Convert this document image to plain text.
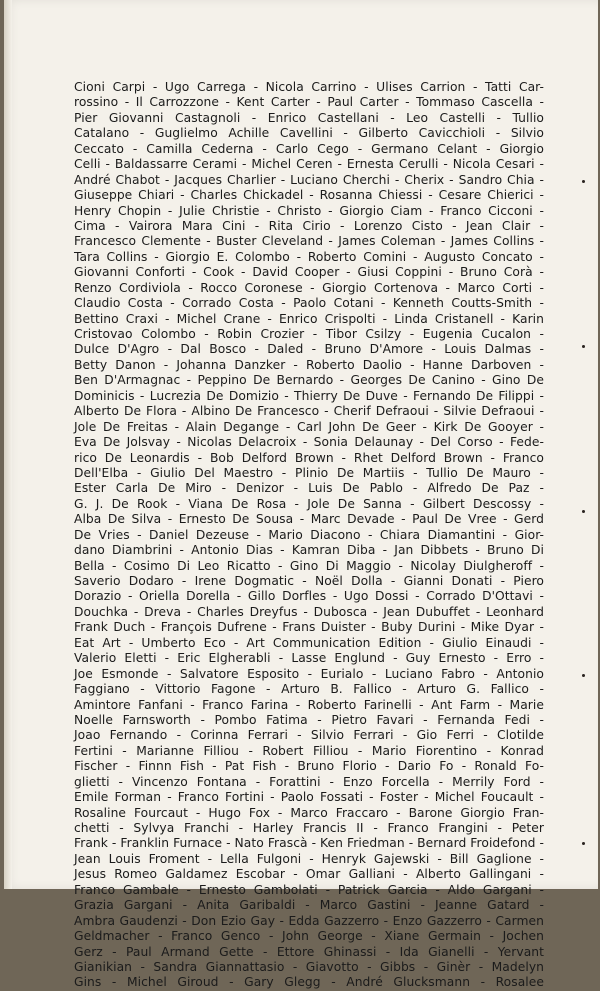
Cioni Carpi - Ugo Carrega - Nicola Carrino - Ulises Carrion - Tatti Car-
rossino - Il Carrozzone - Kent Carter - Paul Carter - Tommaso Cascella -
Pier Giovanni Castagnoli - Enrico Castellani - Leo Castelli - Tullio
Catalano - Guglielmo Achille Cavellini - Gilberto Cavicchioli - Silvio
Ceccato - Camilla Cederna - Carlo Cego - Germano Celant - Giorgio
Celli - Baldassarre Cerami - Michel Ceren - Ernesta Cerulli - Nicola Cesari -
André Chabot - Jacques Charlier - Luciano Cherchi - Cherix - Sandro Chia -
Giuseppe Chiari - Charles Chickadel - Rosanna Chiessi - Cesare Chierici -
Henry Chopin - Julie Christie - Christo - Giorgio Ciam - Franco Cicconi -
Cima - Vairora Mara Cini - Rita Cirio - Lorenzo Cisto - Jean Clair -
Francesco Clemente - Buster Cleveland - James Coleman - James Collins -
Tara Collins - Giorgio E. Colombo - Roberto Comini - Augusto Concato -
Giovanni Conforti - Cook - David Cooper - Giusi Coppini - Bruno Corà -
Renzo Cordiviola - Rocco Coronese - Giorgio Cortenova - Marco Corti -
Claudio Costa - Corrado Costa - Paolo Cotani - Kenneth Coutts-Smith -
Bettino Craxi - Michel Crane - Enrico Crispolti - Linda Cristanell - Karin
Cristovao Colombo - Robin Crozier - Tibor Csilzy - Eugenia Cucalon -
Dulce D'Agro - Dal Bosco - Daled - Bruno D'Amore - Louis Dalmas -
Betty Danon - Johanna Danzker - Roberto Daolio - Hanne Darboven -
Ben D'Armagnac - Peppino De Bernardo - Georges De Canino - Gino De
Dominicis - Lucrezia De Domizio - Thierry De Duve - Fernando De Filippi -
Alberto De Flora - Albino De Francesco - Cherif Defraoui - Silvie Defraoui -
Jole De Freitas - Alain Degange - Carl John De Geer - Kirk De Gooyer -
Eva De Jolsvay - Nicolas Delacroix - Sonia Delaunay - Del Corso - Fede-
rico De Leonardis - Bob Delford Brown - Rhet Delford Brown - Franco
Dell'Elba - Giulio Del Maestro - Plinio De Martiis - Tullio De Mauro -
Ester Carla De Miro - Denizor - Luis De Pablo - Alfredo De Paz -
G. J. De Rook - Viana De Rosa - Jole De Sanna - Gilbert Descossy -
Alba De Silva - Ernesto De Sousa - Marc Devade - Paul De Vree - Gerd
De Vries - Daniel Dezeuse - Mario Diacono - Chiara Diamantini - Gior-
dano Diambrini - Antonio Dias - Kamran Diba - Jan Dibbets - Bruno Di
Bella - Cosimo Di Leo Ricatto - Gino Di Maggio - Nicolay Diulgheroff -
Saverio Dodaro - Irene Dogmatic - Noël Dolla - Gianni Donati - Piero
Dorazio - Oriella Dorella - Gillo Dorfles - Ugo Dossi - Corrado D'Ottavi -
Douchka - Dreva - Charles Dreyfus - Dubosca - Jean Dubuffet - Leonhard
Frank Duch - François Dufrene - Frans Duister - Buby Durini - Mike Dyar -
Eat Art - Umberto Eco - Art Communication Edition - Giulio Einaudi -
Valerio Eletti - Eric Elgherabli - Lasse Englund - Guy Ernesto - Erro -
Joe Esmonde - Salvatore Esposito - Eurialo - Luciano Fabro - Antonio
Faggiano - Vittorio Fagone - Arturo B. Fallico - Arturo G. Fallico -
Amintore Fanfani - Franco Farina - Roberto Farinelli - Ant Farm - Marie
Noelle Farnsworth - Pombo Fatima - Pietro Favari - Fernanda Fedi -
Joao Fernando - Corinna Ferrari - Silvio Ferrari - Gio Ferri - Clotilde
Fertini - Marianne Filliou - Robert Filliou - Mario Fiorentino - Konrad
Fischer - Finnn Fish - Pat Fish - Bruno Florio - Dario Fo - Ronald Fo-
glietti - Vincenzo Fontana - Forattini - Enzo Forcella - Merrily Ford -
Emile Forman - Franco Fortini - Paolo Fossati - Foster - Michel Foucault -
Rosaline Fourcaut - Hugo Fox - Marco Fraccaro - Barone Giorgio Fran-
chetti - Sylvya Franchi - Harley Francis II - Franco Frangini - Peter
Frank - Franklin Furnace - Nato Frascà - Ken Friedman - Bernard Froidefond -
Jean Louis Froment - Lella Fulgoni - Henryk Gajewski - Bill Gaglione -
Jesus Romeo Galdamez Escobar - Omar Galliani - Alberto Gallingani -
Franco Gambale - Ernesto Gambolati - Patrick Garcia - Aldo Gargani -
Grazia Gargani - Anita Garibaldi - Marco Gastini - Jeanne Gatard -
Ambra Gaudenzi - Don Ezio Gay - Edda Gazzerro - Enzo Gazzerro - Carmen
Geldmacher - Franco Genco - John George - Xiane Germain - Jochen
Gerz - Paul Armand Gette - Ettore Ghinassi - Ida Gianelli - Yervant
Gianikian - Sandra Giannattasio - Giavotto - Gibbs - Ginèr - Madelyn
Gins - Michel Giroud - Gary Glegg - André Glucksmann - Rosalee
